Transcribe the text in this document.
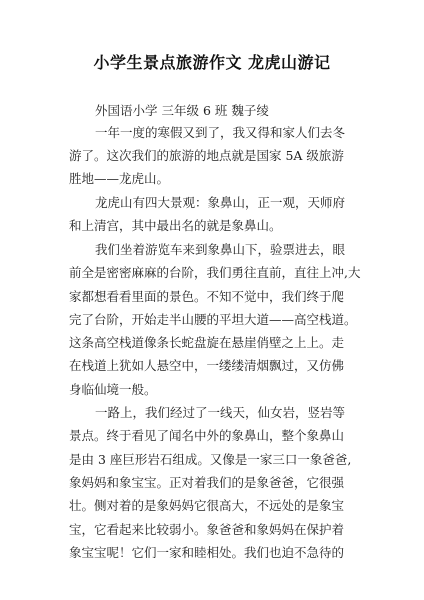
小学生景点旅游作文 龙虎山游记
外国语小学 三年级 6 班 魏子绫
一年一度的寒假又到了，我又得和家人们去冬
游了。这次我们的旅游的地点就是国家 5A 级旅游
胜地——龙虎山。
龙虎山有四大景观：象鼻山，正一观，天师府
和上清宫，其中最出名的就是象鼻山。
我们坐着游览车来到象鼻山下，验票进去，眼
前全是密密麻麻的台阶，我们勇往直前，直往上冲,大
家都想看看里面的景色。不知不觉中，我们终于爬
完了台阶，开始走半山腰的平坦大道——高空栈道。
这条高空栈道像条长蛇盘旋在悬崖俏壁之上上。走
在栈道上犹如人悬空中，一缕缕清烟飘过，又仿佛
身临仙境一般。
一路上，我们经过了一线天，仙女岩，竖岩等
景点。终于看见了闻名中外的象鼻山，整个象鼻山
是由 3 座巨形岩石组成。又像是一家三口一象爸爸,
象妈妈和象宝宝。正对着我们的是象爸爸，它很强
壮。侧对着的是象妈妈它很高大，不远处的是象宝
宝，它看起来比较弱小。象爸爸和象妈妈在保护着
象宝宝呢！它们一家和睦相处。我们也迫不急待的
